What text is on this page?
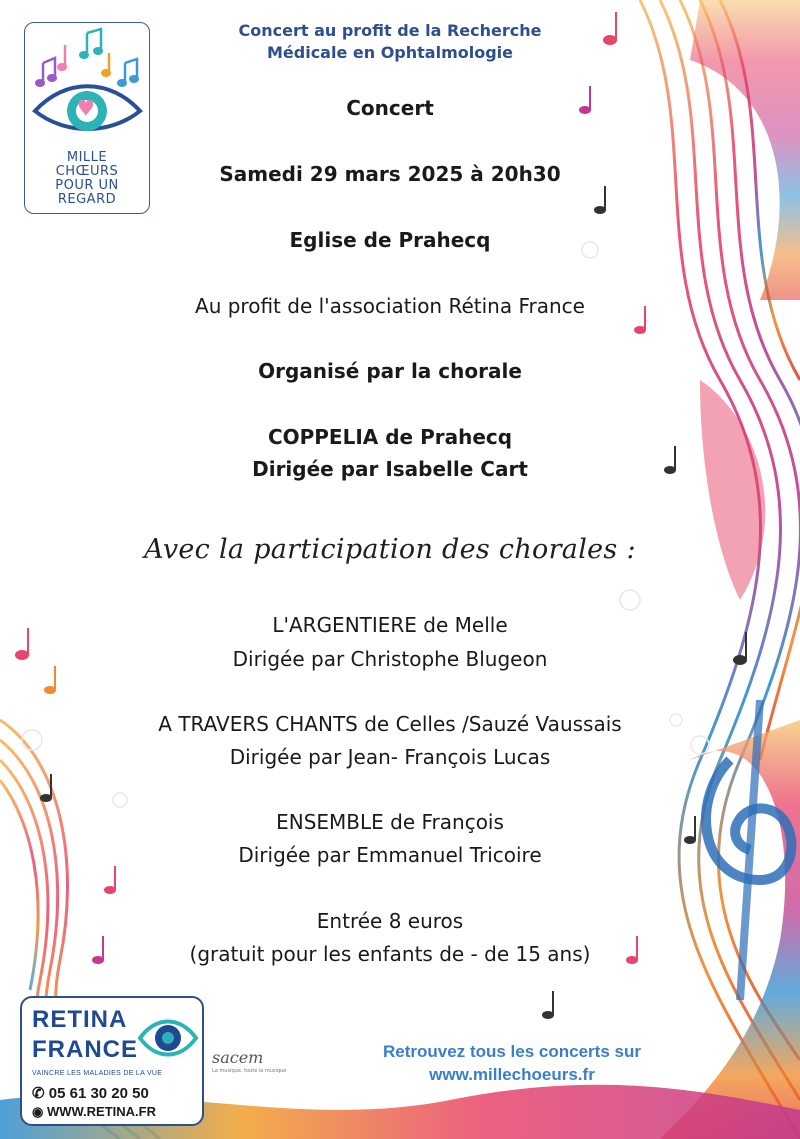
MILLE
CHŒURS
POUR UN
REGARD
Concert au profit de la Recherche
Médicale en Ophtalmologie
Concert
Samedi 29 mars 2025 à 20h30
Eglise de Prahecq
Au profit de l'association Rétina France
Organisé par la chorale
COPPELIA de Prahecq
Dirigée par Isabelle Cart
Avec la participation des chorales :
L'ARGENTIERE de Melle
Dirigée par Christophe Blugeon
A TRAVERS CHANTS de Celles /Sauzé Vaussais
Dirigée par Jean- François Lucas
ENSEMBLE de François
Dirigée par Emmanuel Tricoire
Entrée 8 euros
(gratuit pour les enfants de - de 15 ans)
RETINA
FRANCE
VAINCRE LES MALADIES DE LA VUE
✆ 05 61 30 20 50
◉ WWW.RETINA.FR
sacem
La musique, toute la musique
Retrouvez tous les concerts sur
www.millechoeurs.fr
